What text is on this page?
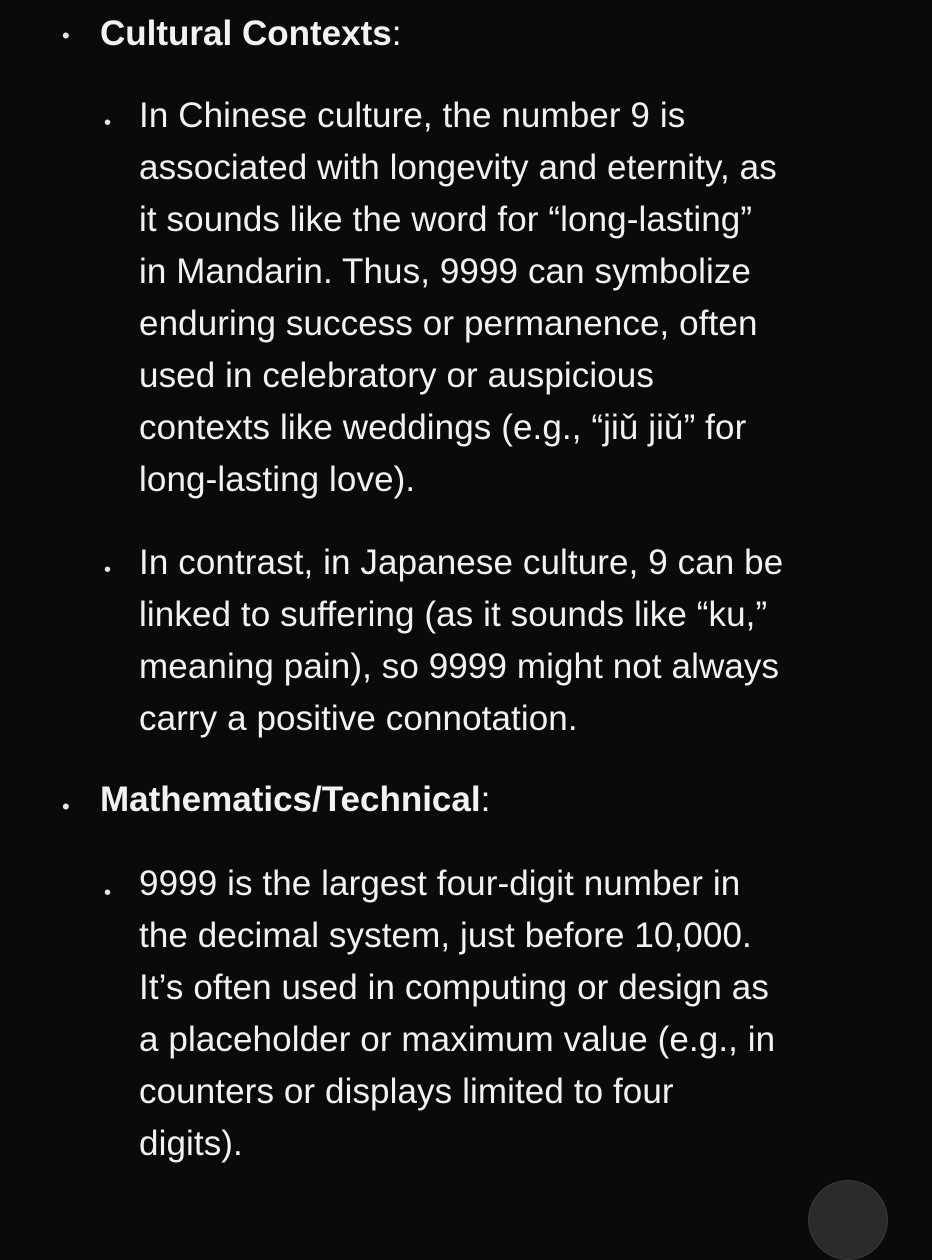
• Cultural Contexts:
• In Chinese culture, the number 9 is
associated with longevity and eternity, as
it sounds like the word for “long-lasting”
in Mandarin. Thus, 9999 can symbolize
enduring success or permanence, often
used in celebratory or auspicious
contexts like weddings (e.g., “jiǔ jiǔ” for
long-lasting love).
• In contrast, in Japanese culture, 9 can be
linked to suffering (as it sounds like “ku,”
meaning pain), so 9999 might not always
carry a positive connotation.
• Mathematics/Technical:
• 9999 is the largest four-digit number in
the decimal system, just before 10,000.
It’s often used in computing or design as
a placeholder or maximum value (e.g., in
counters or displays limited to four
digits).
